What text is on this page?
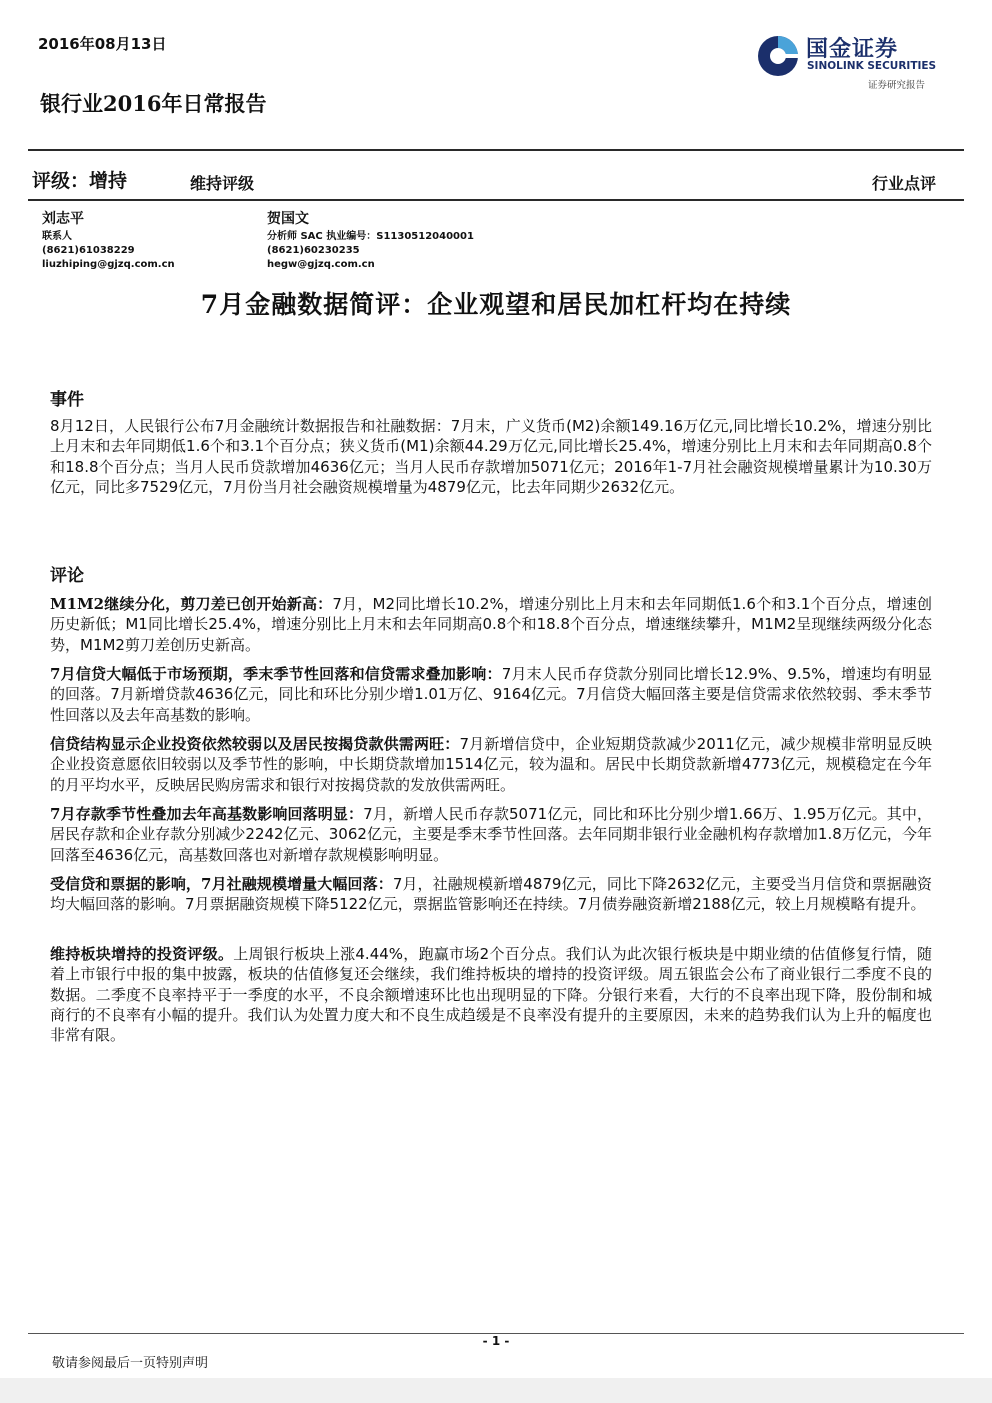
2016年08月13日	国金证券
SINOLINK SECURITIES
证券研究报告
银行业2016年日常报告
评级：增持	维持评级	行业点评
刘志平
联系人
(8621)61038229
liuzhiping@gjzq.com.cn
贺国文
分析师 SAC 执业编号：S1130512040001
(8621)60230235
hegw@gjzq.com.cn
7月金融数据简评：企业观望和居民加杠杆均在持续
事件
8月12日，人民银行公布7月金融统计数据报告和社融数据：7月末，广义货币(M2)余额149.16万亿元,同比增长10.2%，增速分别比上月末和去年同期低1.6个和3.1个百分点；狭义货币(M1)余额44.29万亿元,同比增长25.4%，增速分别比上月末和去年同期高0.8个和18.8个百分点；当月人民币贷款增加4636亿元；当月人民币存款增加5071亿元；2016年1-7月社会融资规模增量累计为10.30万亿元，同比多7529亿元，7月份当月社会融资规模增量为4879亿元，比去年同期少2632亿元。
评论
M1M2继续分化，剪刀差已创开始新高：7月，M2同比增长10.2%，增速分别比上月末和去年同期低1.6个和3.1个百分点，增速创历史新低；M1同比增长25.4%，增速分别比上月末和去年同期高0.8个和18.8个百分点，增速继续攀升，M1M2呈现继续两级分化态势，M1M2剪刀差创历史新高。
7月信贷大幅低于市场预期，季末季节性回落和信贷需求叠加影响：7月末人民币存贷款分别同比增长12.9%、9.5%，增速均有明显的回落。7月新增贷款4636亿元，同比和环比分别少增1.01万亿、9164亿元。7月信贷大幅回落主要是信贷需求依然较弱、季末季节性回落以及去年高基数的影响。
信贷结构显示企业投资依然较弱以及居民按揭贷款供需两旺：7月新增信贷中，企业短期贷款减少2011亿元，减少规模非常明显反映企业投资意愿依旧较弱以及季节性的影响，中长期贷款增加1514亿元，较为温和。居民中长期贷款新增4773亿元，规模稳定在今年的月平均水平，反映居民购房需求和银行对按揭贷款的发放供需两旺。
7月存款季节性叠加去年高基数影响回落明显：7月，新增人民币存款5071亿元，同比和环比分别少增1.66万、1.95万亿元。其中，居民存款和企业存款分别减少2242亿元、3062亿元，主要是季末季节性回落。去年同期非银行业金融机构存款增加1.8万亿元，今年回落至4636亿元，高基数回落也对新增存款规模影响明显。
受信贷和票据的影响，7月社融规模增量大幅回落：7月，社融规模新增4879亿元，同比下降2632亿元，主要受当月信贷和票据融资均大幅回落的影响。7月票据融资规模下降5122亿元，票据监管影响还在持续。7月债券融资新增2188亿元，较上月规模略有提升。
维持板块增持的投资评级。上周银行板块上涨4.44%，跑赢市场2个百分点。我们认为此次银行板块是中期业绩的估值修复行情，随着上市银行中报的集中披露，板块的估值修复还会继续，我们维持板块的增持的投资评级。周五银监会公布了商业银行二季度不良的数据。二季度不良率持平于一季度的水平，不良余额增速环比也出现明显的下降。分银行来看，大行的不良率出现下降，股份制和城商行的不良率有小幅的提升。我们认为处置力度大和不良生成趋缓是不良率没有提升的主要原因，未来的趋势我们认为上升的幅度也非常有限。
- 1 -
敬请参阅最后一页特别声明
